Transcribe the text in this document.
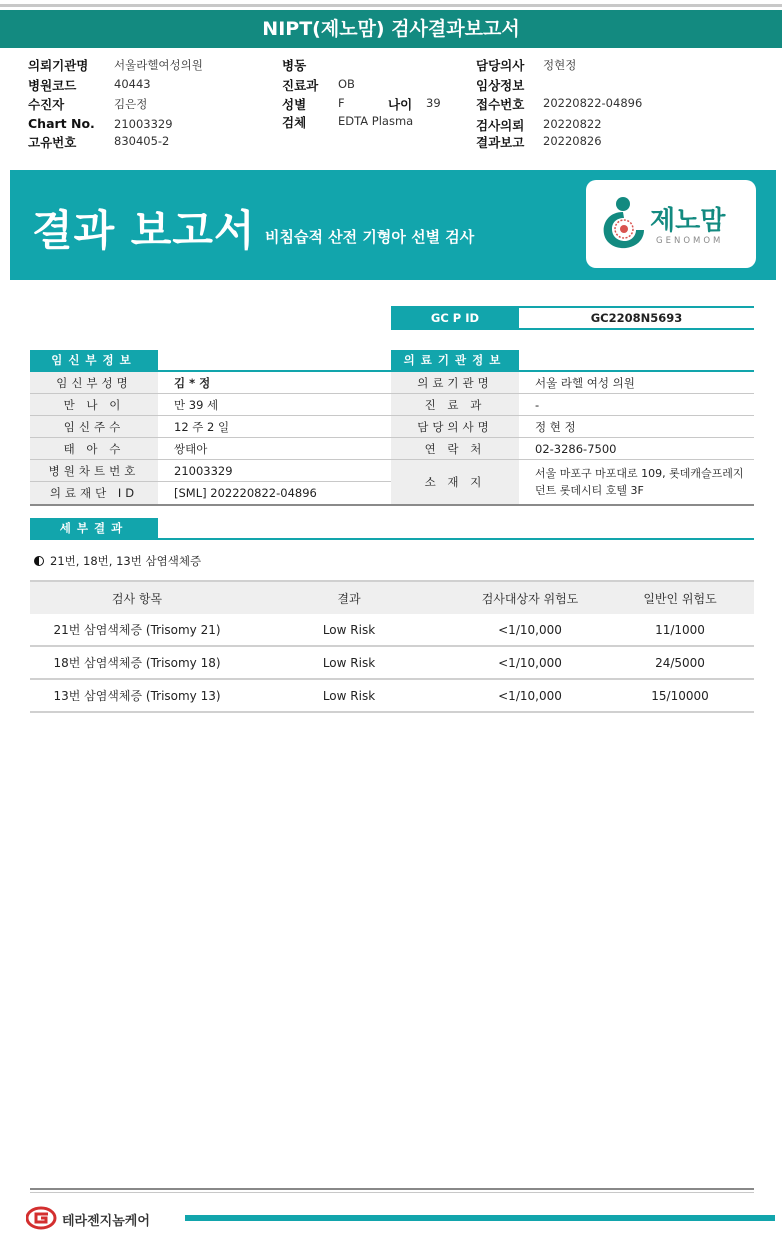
NIPT(제노맘) 검사결과보고서
의뢰기관명 서울라헬여성의원
병원코드	40443
수진자	김은정
Chart No. 21003329
고유번호	830405-2
병동
진료과 OB
성별	F	나이 39
검체	EDTA Plasma
담당의사 정현정
임상정보
접수번호 20220822-04896
검사의뢰 20220822
결과보고 20220826
결과 보고서 비침습적 산전 기형아 선별 검사
제노맘
GENOMOM
GC P ID	GC2208N5693
임신부정보
임신부성명	김 * 정
만 나 이	만 39 세
임신주수	12 주 2 일
태 아 수	쌍태아
병원차트번호	21003329
의료재단 ID	[SML] 202220822-04896
의료기관정보
의료기관명	서울 라헬 여성 의원
진 료 과	-
담당의사명	정 현 정
연 락 처	02-3286-7500
소 재 지
서울 마포구 마포대로 109, 롯데캐슬프레지
던트 롯데시티 호텔 3F
세부결과
21번, 18번, 13번 삼염색체증
검사 항목	결과	검사대상자 위험도	일반인 위험도
21번 삼염색체증 (Trisomy 21)	Low Risk	<1/10,000	11/1000
18번 삼염색체증 (Trisomy 18)	Low Risk	<1/10,000	24/5000
13번 삼염색체증 (Trisomy 13)	Low Risk	<1/10,000	15/10000
테라젠지놈케어
